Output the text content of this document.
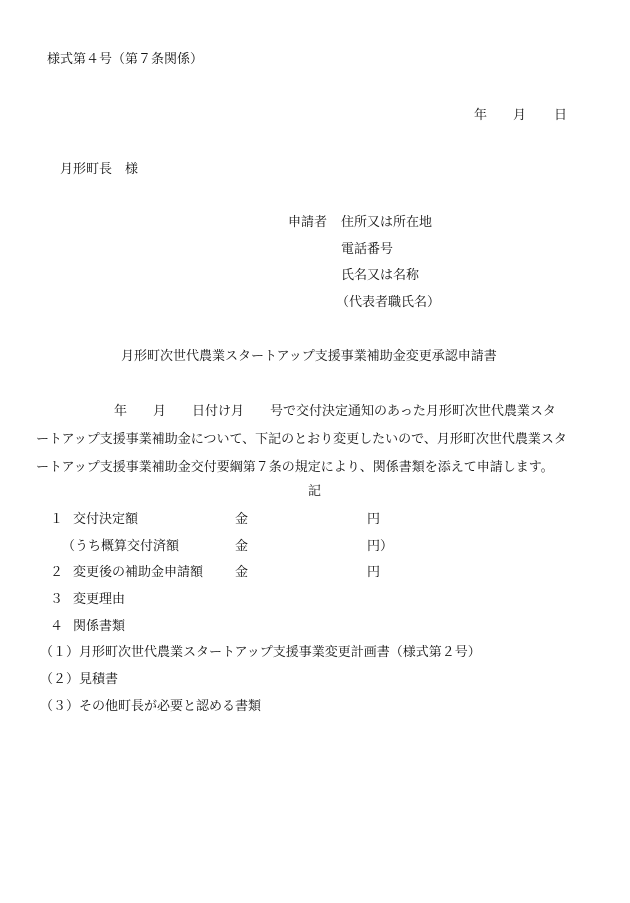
様式第４号（第７条関係）
年 月 日
月形町長　様
申請者 住所又は所在地
電話番号
氏名又は名称
（代表者職氏名）
月形町次世代農業スタートアップ支援事業補助金変更承認申請書
　　　　　　年　　月　　日付け月　　号で交付決定通知のあった月形町次世代農業スタ
ートアップ支援事業補助金について、下記のとおり変更したいので、月形町次世代農業スタ
ートアップ支援事業補助金交付要綱第７条の規定により、関係書類を添えて申請します。
記
１ 交付決定額	金	円
（うち概算交付済額	金	円）
２ 変更後の補助金申請額 金	円
３ 変更理由
４ 関係書類
（１）月形町次世代農業スタートアップ支援事業変更計画書（様式第２号）
（２）見積書
（３）その他町長が必要と認める書類
